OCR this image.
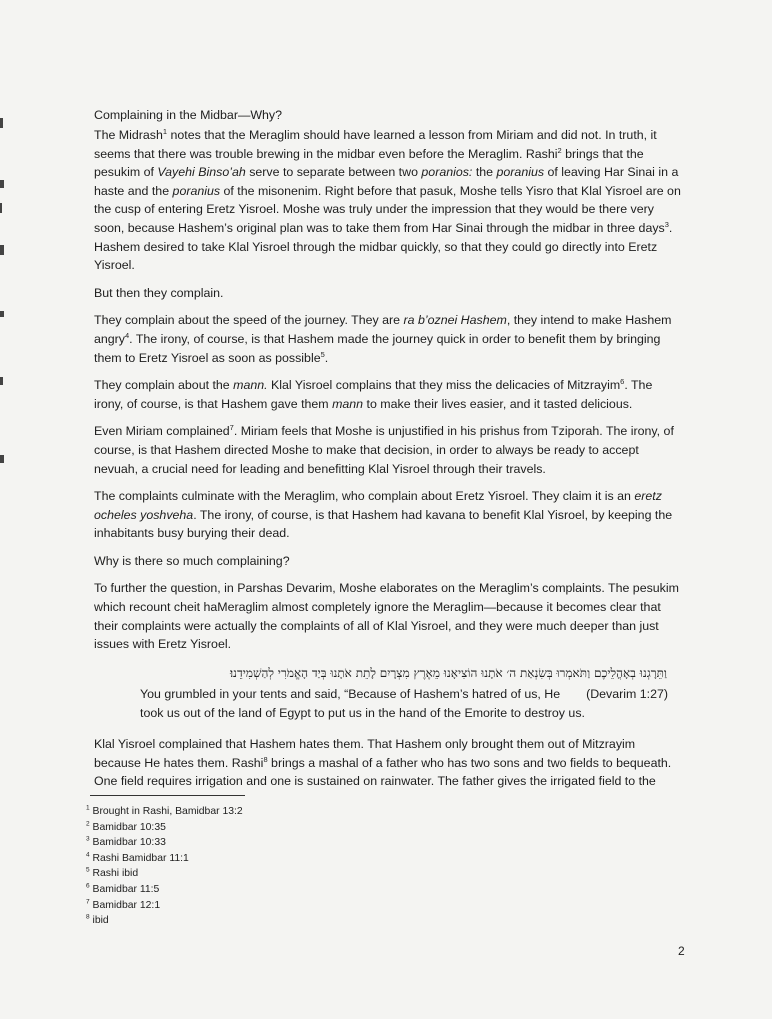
Complaining in the Midbar—Why?

The Midrash$^1$ notes that the Meraglim should have learned a lesson from Miriam and did not. In truth, it seems that there was trouble brewing in the midbar even before the Meraglim. Rashi$^2$ brings that the pesukim of Vayehi Binso’ah serve to separate between two poranios: the poranius of leaving Har Sinai in a haste and the poranius of the misonenim. Right before that pasuk, Moshe tells Yisro that Klal Yisroel are on the cusp of entering Eretz Yisroel. Moshe was truly under the impression that they would be there very soon, because Hashem’s original plan was to take them from Har Sinai through the midbar in three days$^3$. Hashem desired to take Klal Yisroel through the midbar quickly, so that they could go directly into Eretz Yisroel.

But then they complain.

They complain about the speed of the journey. They are ra b’oznei Hashem, they intend to make Hashem angry$^4$. The irony, of course, is that Hashem made the journey quick in order to benefit them by bringing them to Eretz Yisroel as soon as possible$^5$.

They complain about the mann. Klal Yisroel complains that they miss the delicacies of Mitzrayim$^6$. The irony, of course, is that Hashem gave them mann to make their lives easier, and it tasted delicious.

Even Miriam complained$^7$. Miriam feels that Moshe is unjustified in his prishus from Tziporah. The irony, of course, is that Hashem directed Moshe to make that decision, in order to always be ready to accept nevuah, a crucial need for leading and benefitting Klal Yisroel through their travels.

The complaints culminate with the Meraglim, who complain about Eretz Yisroel. They claim it is an eretz ocheles yoshveha. The irony, of course, is that Hashem had kavana to benefit Klal Yisroel, by keeping the inhabitants busy burying their dead.

Why is there so much complaining?

To further the question, in Parshas Devarim, Moshe elaborates on the Meraglim’s complaints. The pesukim which recount cheit haMeraglim almost completely ignore the Meraglim—because it becomes clear that their complaints were actually the complaints of all of Klal Yisroel, and they were much deeper than just issues with Eretz Yisroel.

וַתֵּרָגְנוּ בְאָהֳלֵיכֶם וַתֹּאמְרוּ בְּשִׂנְאַת ה׳ אֹתָנוּ הוֹצִיאָנוּ מֵאֶרֶץ מִצְרָיִם לָתֵת אֹתָנוּ בְּיַד הָאֱמֹרִי לְהַשְׁמִידֵנוּ׃
(Devarim 1:27)
You grumbled in your tents and said, “Because of Hashem’s hatred of us, He took us out of the land of Egypt to put us in the hand of the Emorite to destroy us.

Klal Yisroel complained that Hashem hates them. That Hashem only brought them out of Mitzrayim because He hates them. Rashi$^8$ brings a mashal of a father who has two sons and two fields to bequeath. One field requires irrigation and one is sustained on rainwater. The father gives the irrigated field to the

$^1$ Brought in Rashi, Bamidbar 13:2
$^2$ Bamidbar 10:35
$^3$ Bamidbar 10:33
$^4$ Rashi Bamidbar 11:1
$^5$ Rashi ibid
$^6$ Bamidbar 11:5
$^7$ Bamidbar 12:1
$^8$ ibid
2
